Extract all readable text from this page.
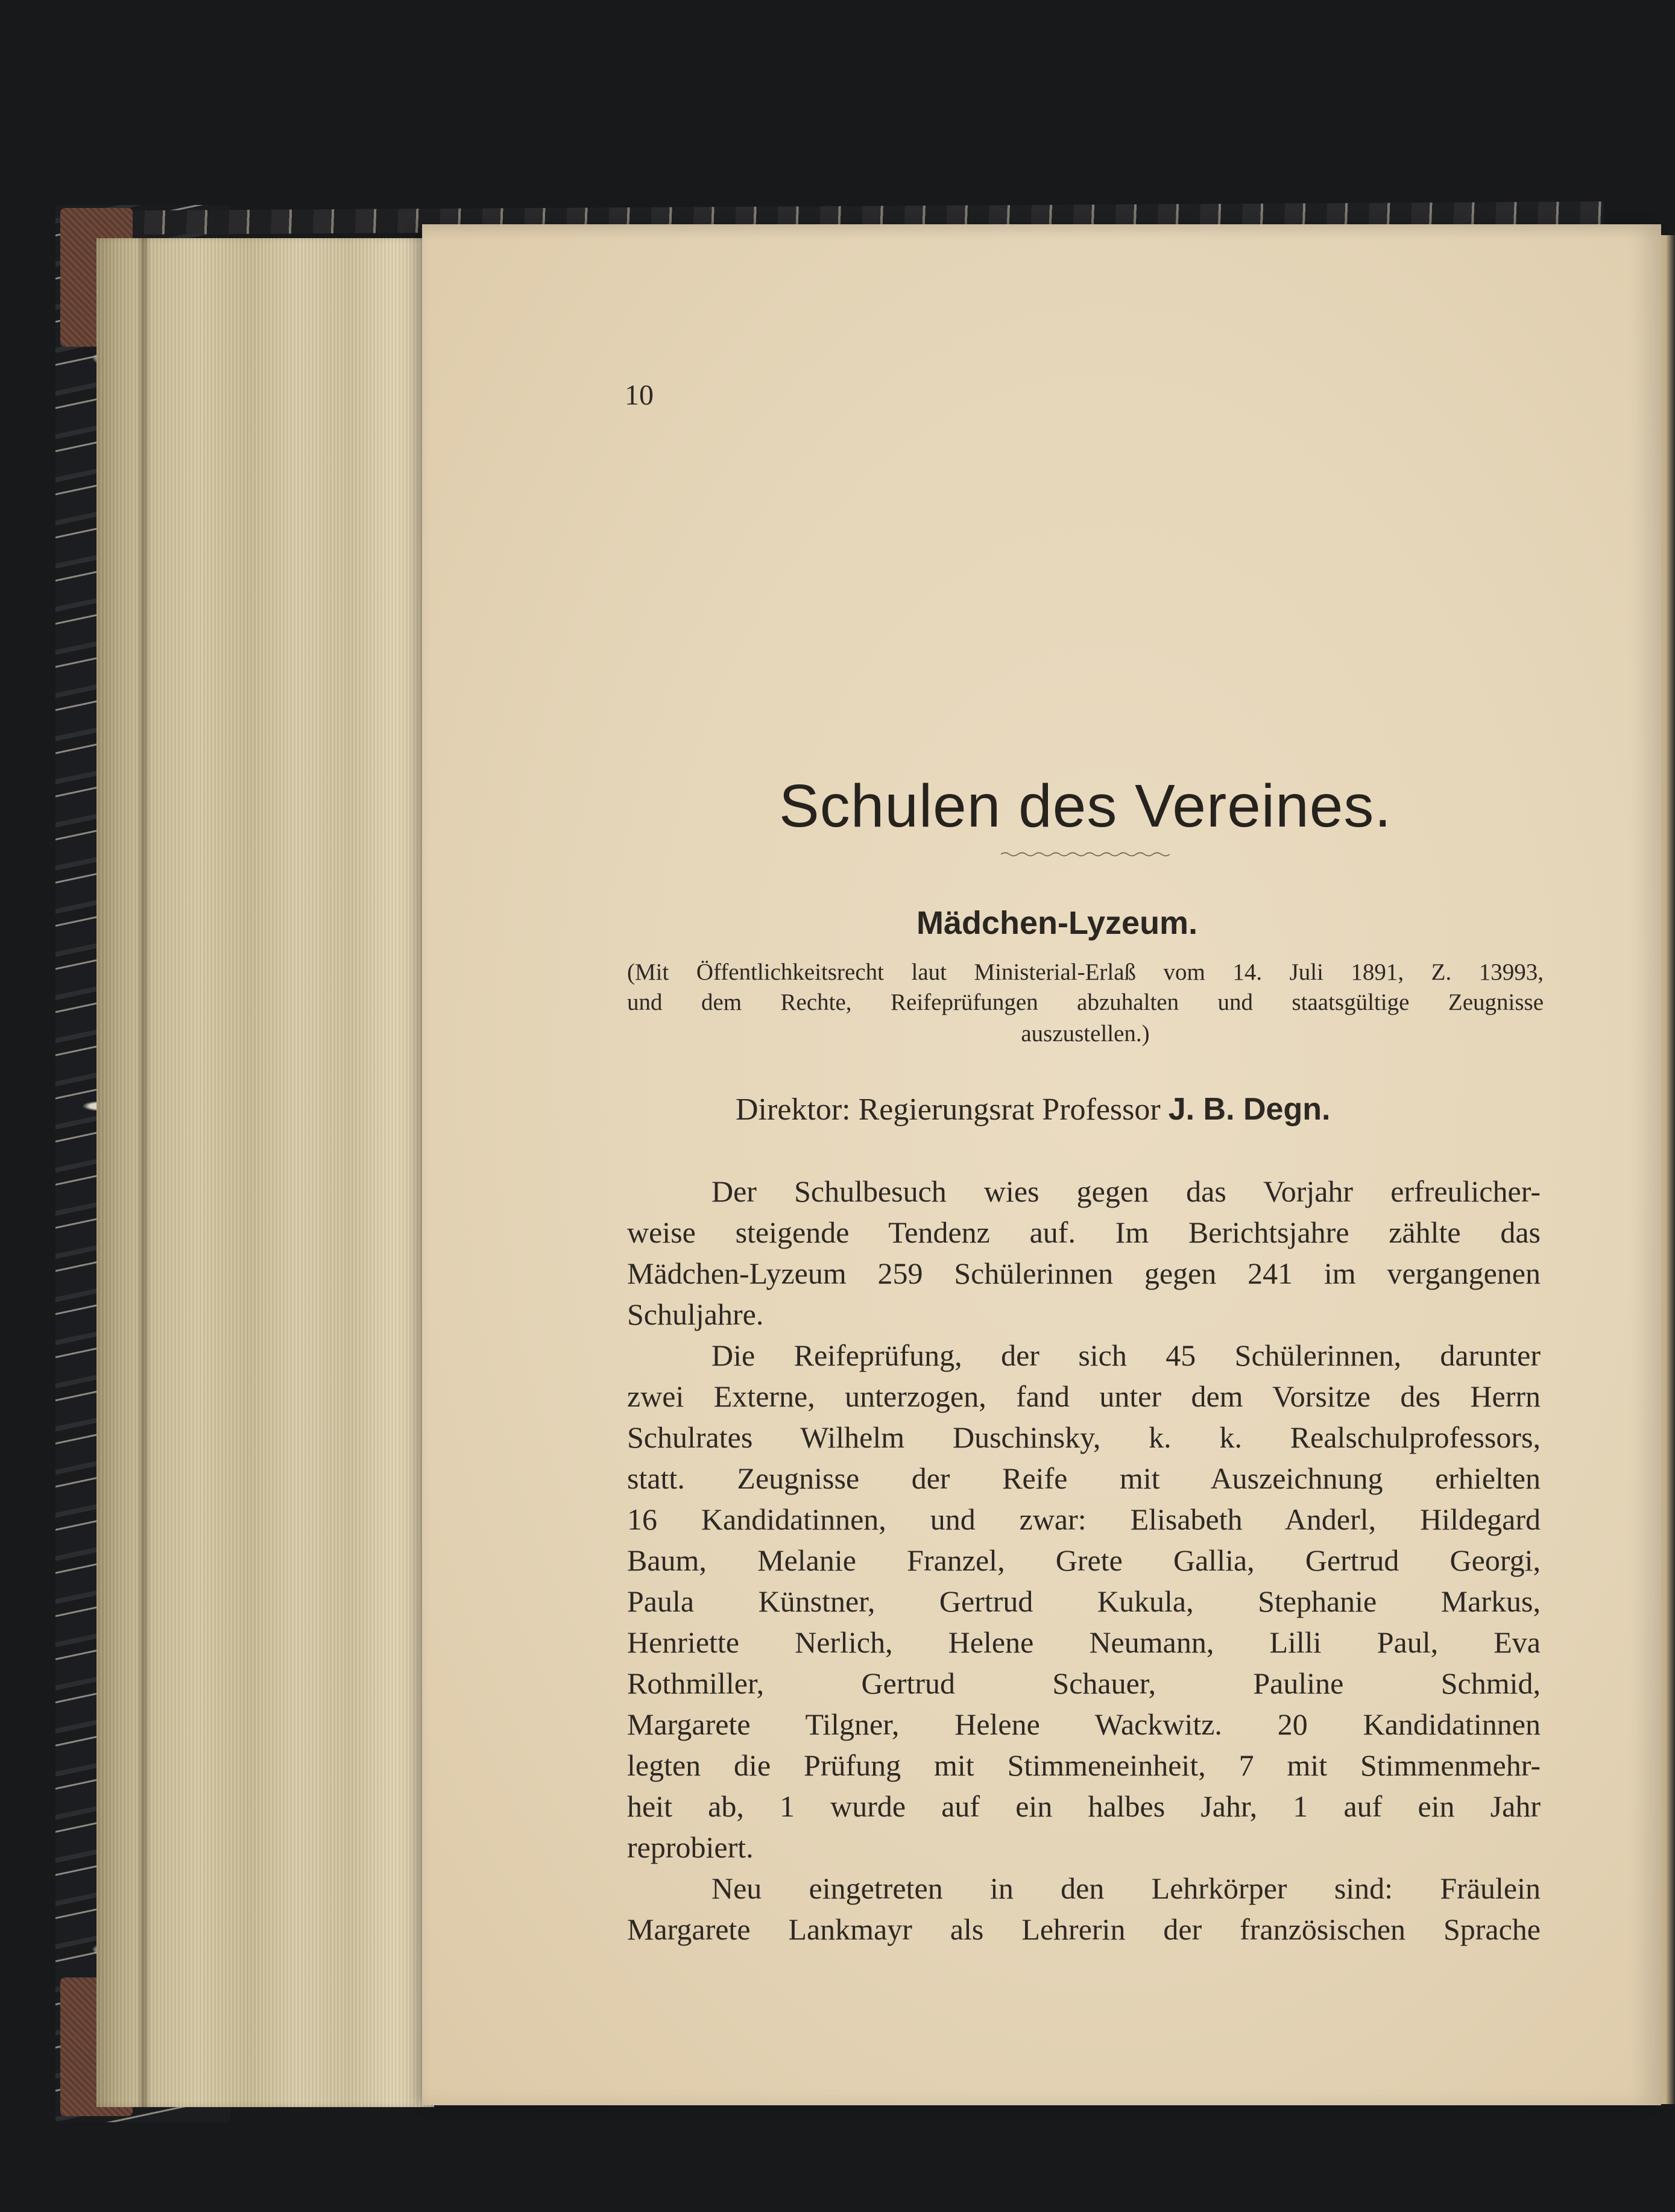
10
Schulen des Vereines.
Mädchen-Lyzeum.
(Mit Öffentlichkeitsrecht laut Ministerial-Erlaß vom 14. Juli 1891, Z. 13993,
und dem Rechte, Reifeprüfungen abzuhalten und staatsgültige Zeugnisse
auszustellen.)
Direktor: Regierungsrat Professor J. B. Degn.
Der Schulbesuch wies gegen das Vorjahr erfreulicher-
weise steigende Tendenz auf. Im Berichtsjahre zählte das
Mädchen-Lyzeum 259 Schülerinnen gegen 241 im vergangenen
Schuljahre.
Die Reifeprüfung, der sich 45 Schülerinnen, darunter
zwei Externe, unterzogen, fand unter dem Vorsitze des Herrn
Schulrates Wilhelm Duschinsky, k. k. Realschulprofessors,
statt. Zeugnisse der Reife mit Auszeichnung erhielten
16 Kandidatinnen, und zwar: Elisabeth Anderl, Hildegard
Baum, Melanie Franzel, Grete Gallia, Gertrud Georgi,
Paula Künstner, Gertrud Kukula, Stephanie Markus,
Henriette Nerlich, Helene Neumann, Lilli Paul, Eva
Rothmiller, Gertrud Schauer, Pauline Schmid,
Margarete Tilgner, Helene Wackwitz. 20 Kandidatinnen
legten die Prüfung mit Stimmeneinheit, 7 mit Stimmenmehr-
heit ab, 1 wurde auf ein halbes Jahr, 1 auf ein Jahr
reprobiert.
Neu eingetreten in den Lehrkörper sind: Fräulein
Margarete Lankmayr als Lehrerin der französischen Sprache
